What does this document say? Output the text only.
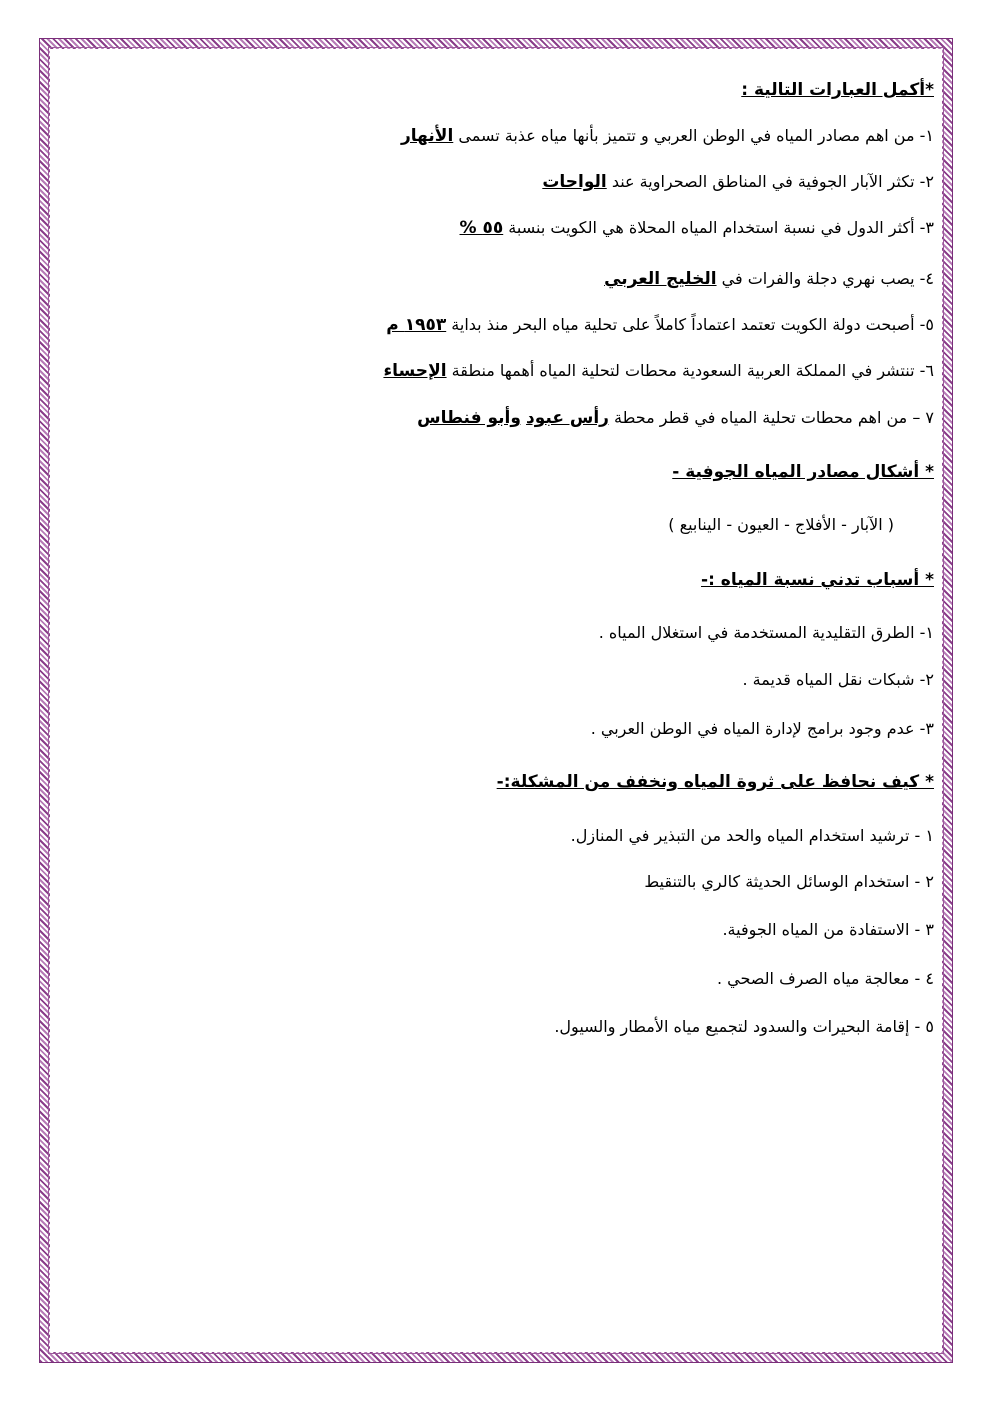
*أكمل العبارات التالية :
١- من اهم مصادر المياه في الوطن العربي و تتميز بأنها مياه عذبة تسمى الأنهار
٢- تكثر الآبار الجوفية في المناطق الصحراوية عند الواحات
٣- أكثر الدول في نسبة استخدام المياه المحلاة هي الكويت بنسبة ٥٥ %
٤- يصب نهري دجلة والفرات في الخليج العربي
٥- أصبحت دولة الكويت تعتمد اعتماداً كاملاً على تحلية مياه البحر منذ بداية ١٩٥٣ م
٦- تنتشر في المملكة العربية السعودية محطات لتحلية المياه أهمها منطقة الإحساء
٧ – من اهم محطات تحلية المياه في قطر محطة رأس عبود وأبو فنطاس
* أشكال مصادر المياه الجوفية -
( الآبار - الأفلاج - العيون - الينابيع )
* أسباب تدني نسبة المياه :-
١- الطرق التقليدية المستخدمة في استغلال المياه .
٢- شبكات نقل المياه قديمة .
٣- عدم وجود برامج لإدارة المياه في الوطن العربي .
* كيف نحافظ على ثروة المياه ونخفف من المشكلة:-
١ - ترشيد استخدام المياه والحد من التبذير في المنازل.
٢ - استخدام الوسائل الحديثة كالري بالتنقيط
٣ - الاستفادة من المياه الجوفية.
٤ - معالجة مياه الصرف الصحي .
٥ - إقامة البحيرات والسدود لتجميع مياه الأمطار والسيول.
